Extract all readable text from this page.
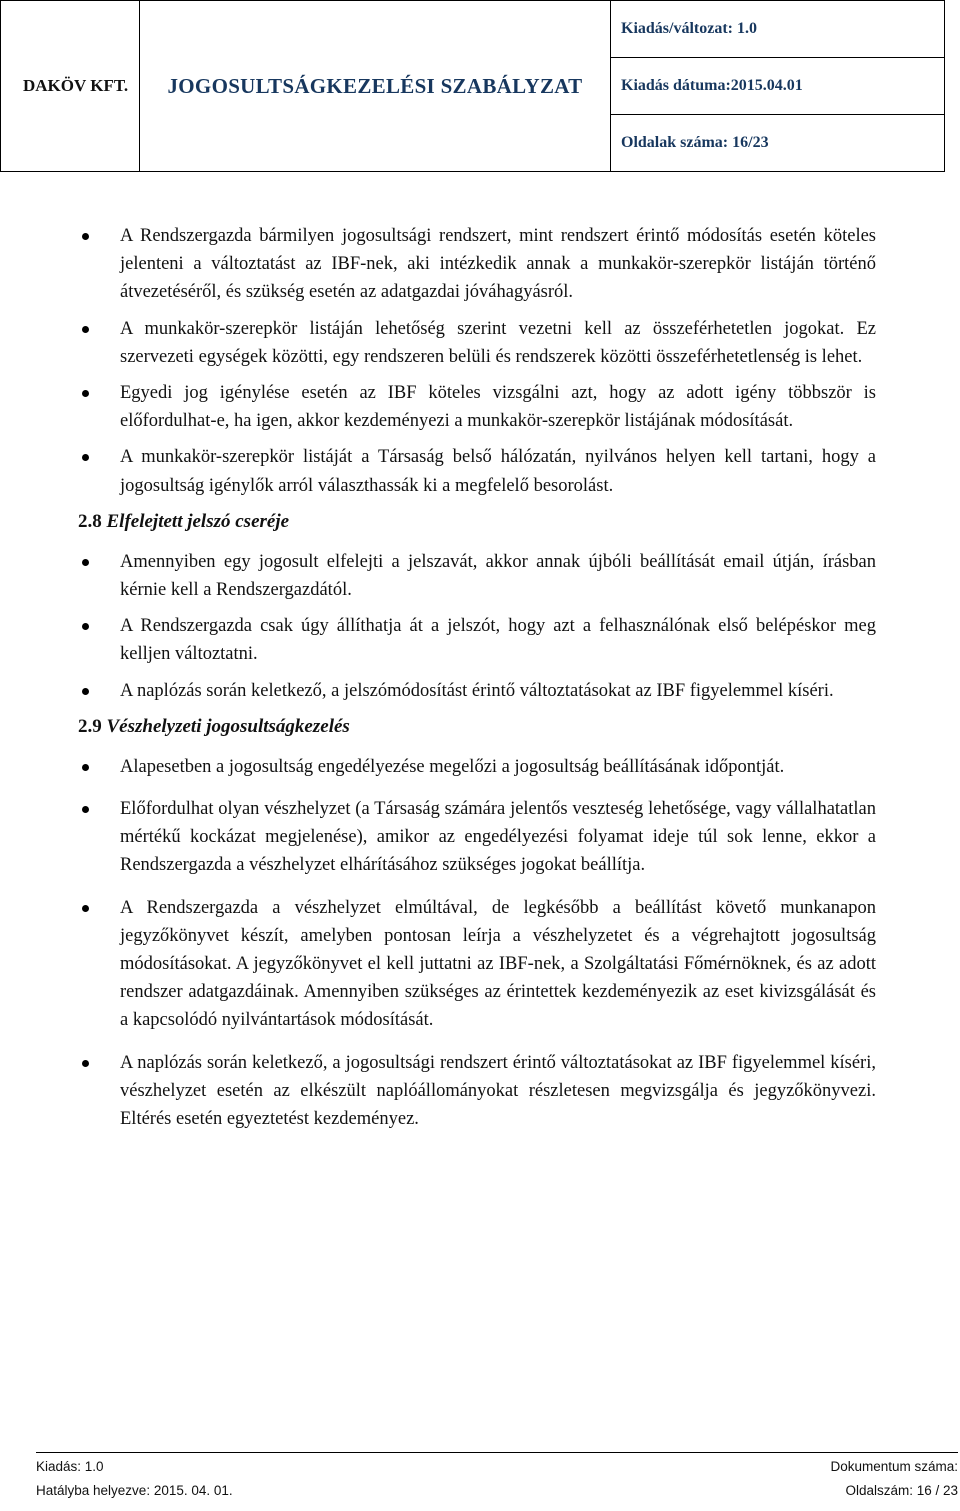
DAKÖV KFT.	JOGOSULTSÁGKEZELÉSI SZABÁLYZAT	Kiadás/változat: 1.0
Kiadás dátuma:2015.04.01
Oldalak száma: 16/23
A Rendszergazda bármilyen jogosultsági rendszert, mint rendszert érintő módosítás esetén köteles jelenteni a változtatást az IBF-nek, aki intézkedik annak a munkakör-szerepkör listáján történő átvezetéséről, és szükség esetén az adatgazdai jóváhagyásról.
A munkakör-szerepkör listáján lehetőség szerint vezetni kell az összeférhetetlen jogokat. Ez szervezeti egységek közötti, egy rendszeren belüli és rendszerek közötti összeférhetetlenség is lehet.
Egyedi jog igénylése esetén az IBF köteles vizsgálni azt, hogy az adott igény többször is előfordulhat-e, ha igen, akkor kezdeményezi a munkakör-szerepkör listájának módosítását.
A munkakör-szerepkör listáját a Társaság belső hálózatán, nyilvános helyen kell tartani, hogy a jogosultság igénylők arról választhassák ki a megfelelő besorolást.
2.8 Elfelejtett jelszó cseréje
Amennyiben egy jogosult elfelejti a jelszavát, akkor annak újbóli beállítását email útján, írásban kérnie kell a Rendszergazdától.
A Rendszergazda csak úgy állíthatja át a jelszót, hogy azt a felhasználónak első belépéskor meg kelljen változtatni.
A naplózás során keletkező, a jelszómódosítást érintő változtatásokat az IBF figyelemmel kíséri.
2.9 Vészhelyzeti jogosultságkezelés
Alapesetben a jogosultság engedélyezése megelőzi a jogosultság beállításának időpontját.
Előfordulhat olyan vészhelyzet (a Társaság számára jelentős veszteség lehetősége, vagy vállalhatatlan mértékű kockázat megjelenése), amikor az engedélyezési folyamat ideje túl sok lenne, ekkor a Rendszergazda a vészhelyzet elhárításához szükséges jogokat beállítja.
A Rendszergazda a vészhelyzet elmúltával, de legkésőbb a beállítást követő munkanapon jegyzőkönyvet készít, amelyben pontosan leírja a vészhelyzetet és a végrehajtott jogosultság módosításokat. A jegyzőkönyvet el kell juttatni az IBF-nek, a Szolgáltatási Főmérnöknek, és az adott rendszer adatgazdáinak. Amennyiben szükséges az érintettek kezdeményezik az eset kivizsgálását és a kapcsolódó nyilvántartások módosítását.
A naplózás során keletkező, a jogosultsági rendszert érintő változtatásokat az IBF figyelemmel kíséri, vészhelyzet esetén az elkészült naplóállományokat részletesen megvizsgálja és jegyzőkönyvezi. Eltérés esetén egyeztetést kezdeményez.
Kiadás: 1.0	Dokumentum száma:
Hatályba helyezve: 2015. 04. 01.	Oldalszám: 16 / 23
